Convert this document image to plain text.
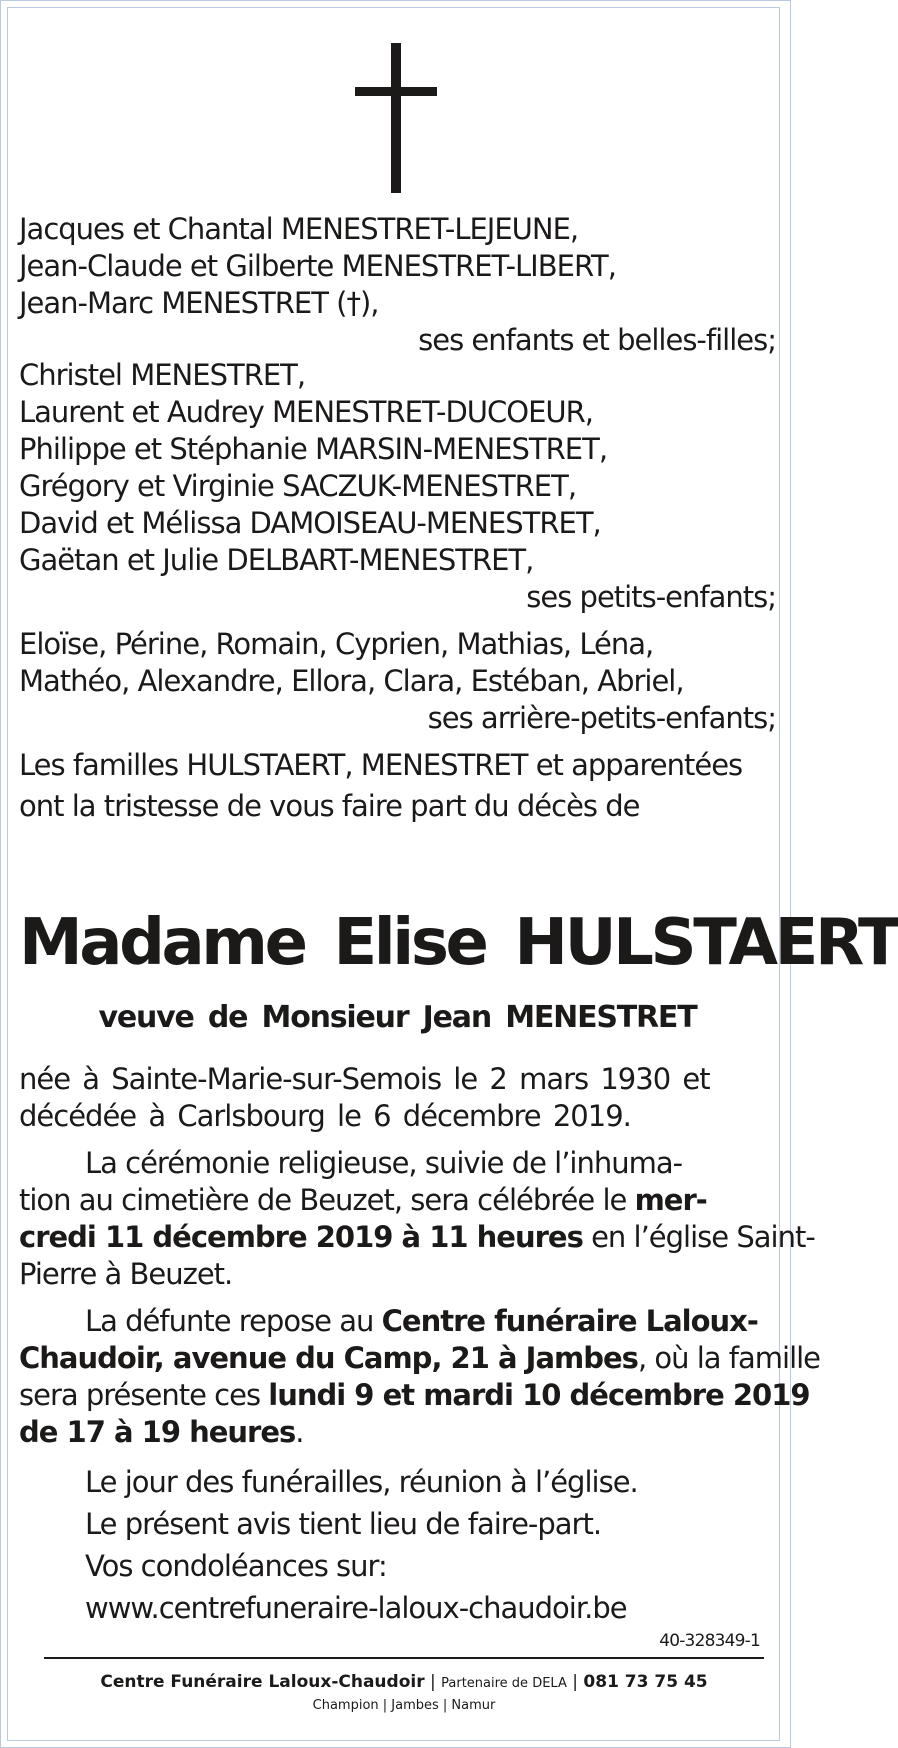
Jacques et Chantal MENESTRET-LEJEUNE,
Jean-Claude et Gilberte MENESTRET-LIBERT,
Jean-Marc MENESTRET (†),
ses enfants et belles-filles;
Christel MENESTRET,
Laurent et Audrey MENESTRET-DUCOEUR,
Philippe et Stéphanie MARSIN-MENESTRET,
Grégory et Virginie SACZUK-MENESTRET,
David et Mélissa DAMOISEAU-MENESTRET,
Gaëtan et Julie DELBART-MENESTRET,
ses petits-enfants;
Eloïse, Périne, Romain, Cyprien, Mathias, Léna,
Mathéo, Alexandre, Ellora, Clara, Estéban, Abriel,
ses arrière-petits-enfants;
Les familles HULSTAERT, MENESTRET et apparentées
ont la tristesse de vous faire part du décès de
Madame Elise HULSTAERT
veuve de Monsieur Jean MENESTRET
née à Sainte-Marie-sur-Semois le 2 mars 1930 et
décédée à Carlsbourg le 6 décembre 2019.
La cérémonie religieuse, suivie de l’inhuma-
tion au cimetière de Beuzet, sera célébrée le mer-
credi 11 décembre 2019 à 11 heures en l’église Saint-
Pierre à Beuzet.
La défunte repose au Centre funéraire Laloux-
Chaudoir, avenue du Camp, 21 à Jambes, où la famille
sera présente ces lundi 9 et mardi 10 décembre 2019
de 17 à 19 heures.
Le jour des funérailles, réunion à l’église.
Le présent avis tient lieu de faire-part.
Vos condoléances sur:
www.centrefuneraire-laloux-chaudoir.be
40-328349-1
Centre Funéraire Laloux-Chaudoir | Partenaire de DELA | 081 73 75 45
Champion | Jambes | Namur
